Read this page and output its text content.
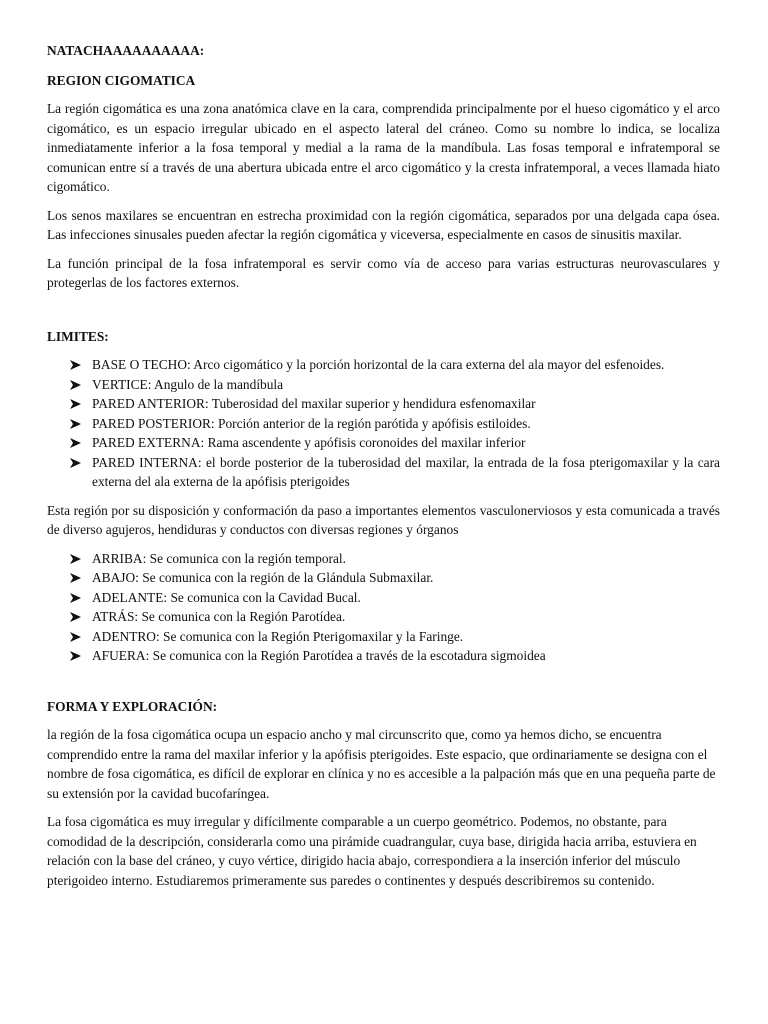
NATACHAAAAAAAAAA:

REGION CIGOMATICA

La región cigomática es una zona anatómica clave en la cara, comprendida principalmente por el hueso cigomático y el arco cigomático, es un espacio irregular ubicado en el aspecto lateral del cráneo. Como su nombre lo indica, se localiza inmediatamente inferior a la fosa temporal y medial a la rama de la mandíbula. Las fosas temporal e infratemporal se comunican entre sí a través de una abertura ubicada entre el arco cigomático y la cresta infratemporal, a veces llamada hiato cigomático.

Los senos maxilares se encuentran en estrecha proximidad con la región cigomática, separados por una delgada capa ósea. Las infecciones sinusales pueden afectar la región cigomática y viceversa, especialmente en casos de sinusitis maxilar.

La función principal de la fosa infratemporal es servir como vía de acceso para varias estructuras neurovasculares y protegerlas de los factores externos.

LIMITES:

BASE O TECHO: Arco cigomático y la porción horizontal de la cara externa del ala mayor del esfenoides.
VERTICE: Angulo de la mandíbula
PARED ANTERIOR: Tuberosidad del maxilar superior y hendidura esfenomaxilar
PARED POSTERIOR: Porción anterior de la región parótida y apófisis estiloides.
PARED EXTERNA: Rama ascendente y apófisis coronoides del maxilar inferior
PARED INTERNA: el borde posterior de la tuberosidad del maxilar, la entrada de la fosa pterigomaxilar y la cara externa del ala externa de la apófisis pterigoides

Esta región por su disposición y conformación da paso a importantes elementos vasculonerviosos y esta comunicada a través de diverso agujeros, hendiduras y conductos con diversas regiones y órganos

ARRIBA: Se comunica con la región temporal.
ABAJO: Se comunica con la región de la Glándula Submaxilar.
ADELANTE: Se comunica con la Cavidad Bucal.
ATRÁS: Se comunica con la Región Parotídea.
ADENTRO: Se comunica con la Región Pterigomaxilar y la Faringe.
AFUERA: Se comunica con la Región Parotídea a través de la escotadura sigmoidea

FORMA Y EXPLORACIÓN:

la región de la fosa cigomática ocupa un espacio ancho y mal circunscrito que, como ya hemos dicho, se encuentra comprendido entre la rama del maxilar inferior y la apófisis pterigoides. Este espacio, que ordinariamente se designa con el nombre de fosa cigomática, es difícil de explorar en clínica y no es accesible a la palpación más que en una pequeña parte de su extensión por la cavidad bucofaríngea.

La fosa cigomática es muy irregular y difícilmente comparable a un cuerpo geométrico. Podemos, no obstante, para comodidad de la descripción, considerarla como una pirámide cuadrangular, cuya base, dirigida hacia arriba, estuviera en relación con la base del cráneo, y cuyo vértice, dirigido hacia abajo, correspondiera a la inserción inferior del músculo pterigoideo interno. Estudiaremos primeramente sus paredes o continentes y después describiremos su contenido.
